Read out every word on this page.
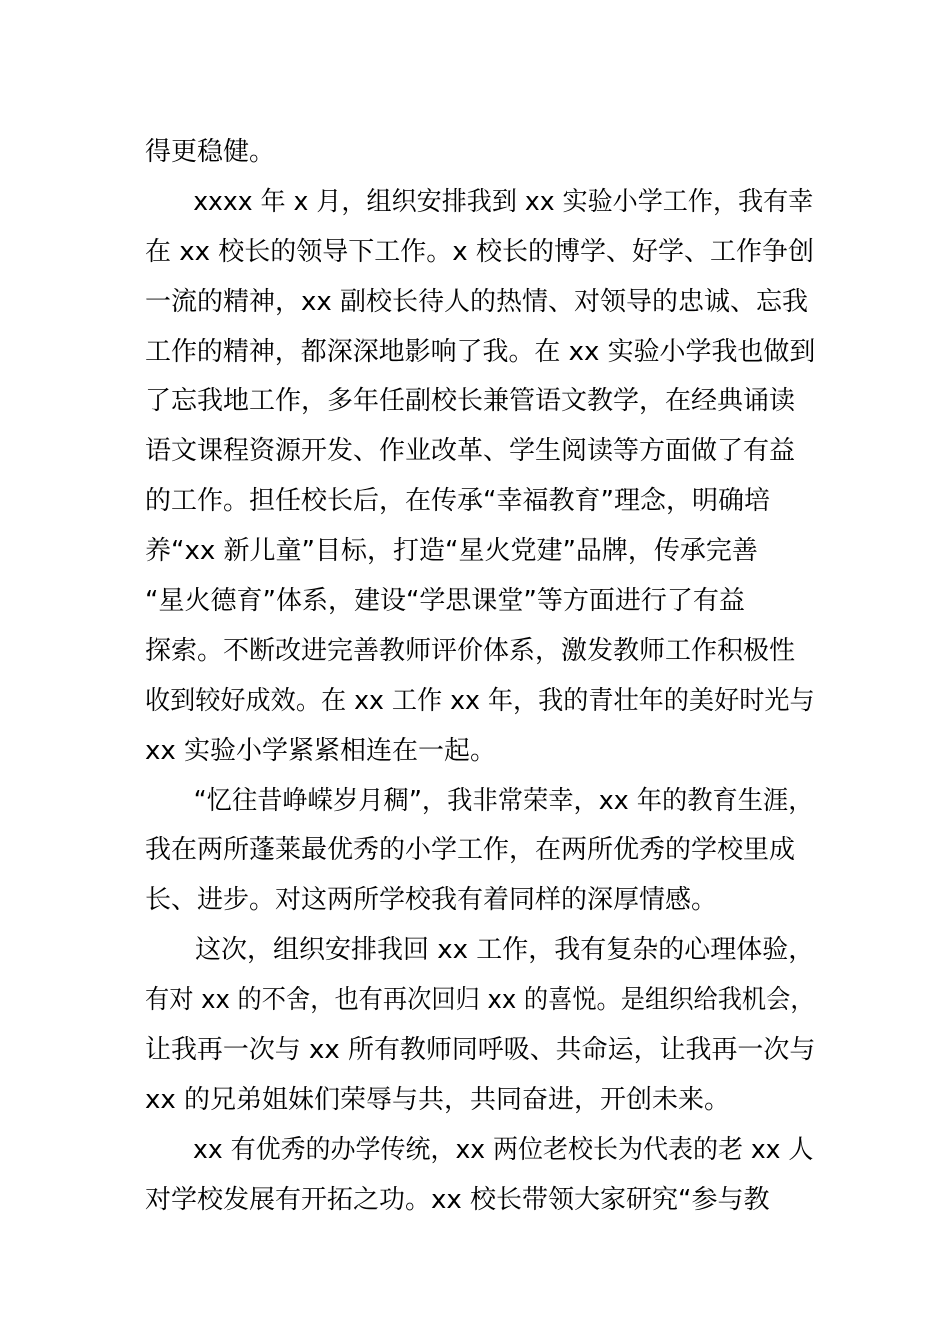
得更稳健。
xxxx 年 x 月，组织安排我到 xx 实验小学工作，我有幸
在 xx 校长的领导下工作。x 校长的博学、好学、工作争创
一流的精神，xx 副校长待人的热情、对领导的忠诚、忘我
工作的精神，都深深地影响了我。在 xx 实验小学我也做到
了忘我地工作，多年任副校长兼管语文教学，在经典诵读
语文课程资源开发、作业改革、学生阅读等方面做了有益
的工作。担任校长后，在传承“幸福教育”理念，明确培
养“xx 新儿童”目标，打造“星火党建”品牌，传承完善
“星火德育”体系，建设“学思课堂”等方面进行了有益
探索。不断改进完善教师评价体系，激发教师工作积极性
收到较好成效。在 xx 工作 xx 年，我的青壮年的美好时光与
xx 实验小学紧紧相连在一起。
“忆往昔峥嵘岁月稠”，我非常荣幸，xx 年的教育生涯，
我在两所蓬莱最优秀的小学工作，在两所优秀的学校里成
长、进步。对这两所学校我有着同样的深厚情感。
这次，组织安排我回 xx 工作，我有复杂的心理体验，
有对 xx 的不舍，也有再次回归 xx 的喜悦。是组织给我机会，
让我再一次与 xx 所有教师同呼吸、共命运，让我再一次与
xx 的兄弟姐妹们荣辱与共，共同奋进，开创未来。
xx 有优秀的办学传统，xx 两位老校长为代表的老 xx 人
对学校发展有开拓之功。xx 校长带领大家研究“参与教
